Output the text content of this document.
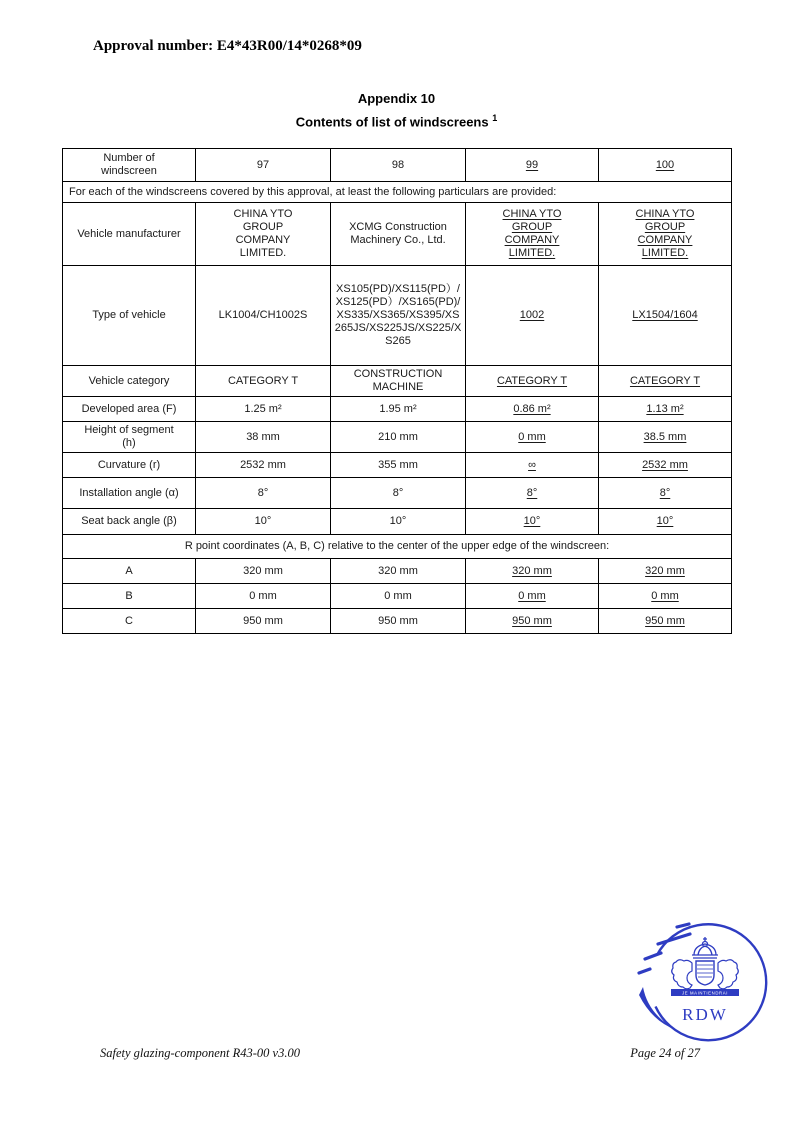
Approval number: E4*43R00/14*0268*09
Appendix 10
Contents of list of windscreens $^1$
Number of windscreen	97	98	99	100
For each of the windscreens covered by this approval, at least the following particulars are provided:				
Vehicle manufacturer	CHINA YTO GROUP COMPANY LIMITED.	XCMG Construction Machinery Co., Ltd.	CHINA YTO GROUP COMPANY LIMITED.	CHINA YTO GROUP COMPANY LIMITED.
Type of vehicle	LK1004/CH1002S	XS105(PD)/XS115(PD）/XS125(PD）/XS165(PD)/XS335/XS365/XS395/XS265JS/XS225JS/XS225/XS265	1002	LX1504/1604
Vehicle category	CATEGORY T	CONSTRUCTION MACHINE	CATEGORY T	CATEGORY T
Developed area (F)	1.25 m²	1.95 m²	0.86 m²	1.13 m²
Height of segment (h)	38 mm	210 mm	0 mm	38.5 mm
Curvature (r)	2532 mm	355 mm	∞	2532 mm
Installation angle (α)	8°	8°	8°	8°
Seat back angle (β)	10°	10°	10°	10°
R point coordinates (A, B, C) relative to the center of the upper edge of the windscreen:				
A	320 mm	320 mm	320 mm	320 mm
B	0 mm	0 mm	0 mm	0 mm
C	950 mm	950 mm	950 mm	950 mm
JE MAINTIENDRAI
RDW
Safety glazing-component R43-00 v3.00	Page 24 of 27
